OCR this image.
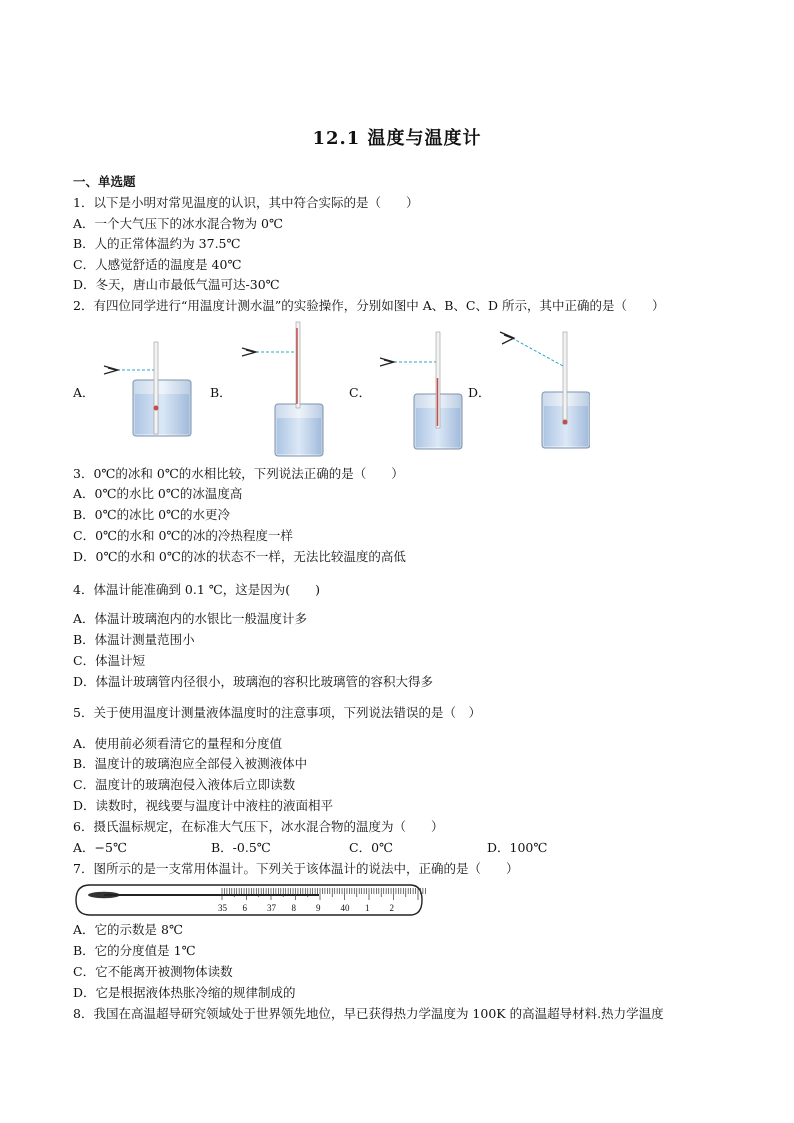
12.1 温度与温度计
一、单选题
1．以下是小明对常见温度的认识，其中符合实际的是（　　）
A．一个大气压下的冰水混合物为 0℃
B．人的正常体温约为 37.5℃
C．人感觉舒适的温度是 40℃
D．冬天，唐山市最低气温可达-30℃
2．有四位同学进行“用温度计测水温”的实验操作，分别如图中 A、B、C、D 所示，其中正确的是（　　）
A．	B．	C．	D．
3．0℃的冰和 0℃的水相比较，下列说法正确的是（　　）
A．0℃的水比 0℃的冰温度高
B．0℃的冰比 0℃的水更冷
C．0℃的水和 0℃的冰的冷热程度一样
D．0℃的水和 0℃的冰的状态不一样，无法比较温度的高低
4．体温计能准确到 0.1 ℃，这是因为(　　)
A．体温计玻璃泡内的水银比一般温度计多
B．体温计测量范围小
C．体温计短
D．体温计玻璃管内径很小，玻璃泡的容积比玻璃管的容积大得多
5．关于使用温度计测量液体温度时的注意事项，下列说法错误的是（　）
A．使用前必须看清它的量程和分度值
B．温度计的玻璃泡应全部侵入被测液体中
C．温度计的玻璃泡侵入液体后立即读数
D．读数时，视线要与温度计中液柱的液面相平
6．摄氏温标规定，在标准大气压下，冰水混合物的温度为（　　）
A．−5℃	B．-0.5℃	C．0℃	D．100℃
7．图所示的是一支常用体温计。下列关于该体温计的说法中，正确的是（　　）
35 6 37 8 9 40 1 2
A．它的示数是 8℃
B．它的分度值是 1℃
C．它不能离开被测物体读数
D．它是根据液体热胀冷缩的规律制成的
8．我国在高温超导研究领域处于世界领先地位，早已获得热力学温度为 100K 的高温超导材料.热力学温度
